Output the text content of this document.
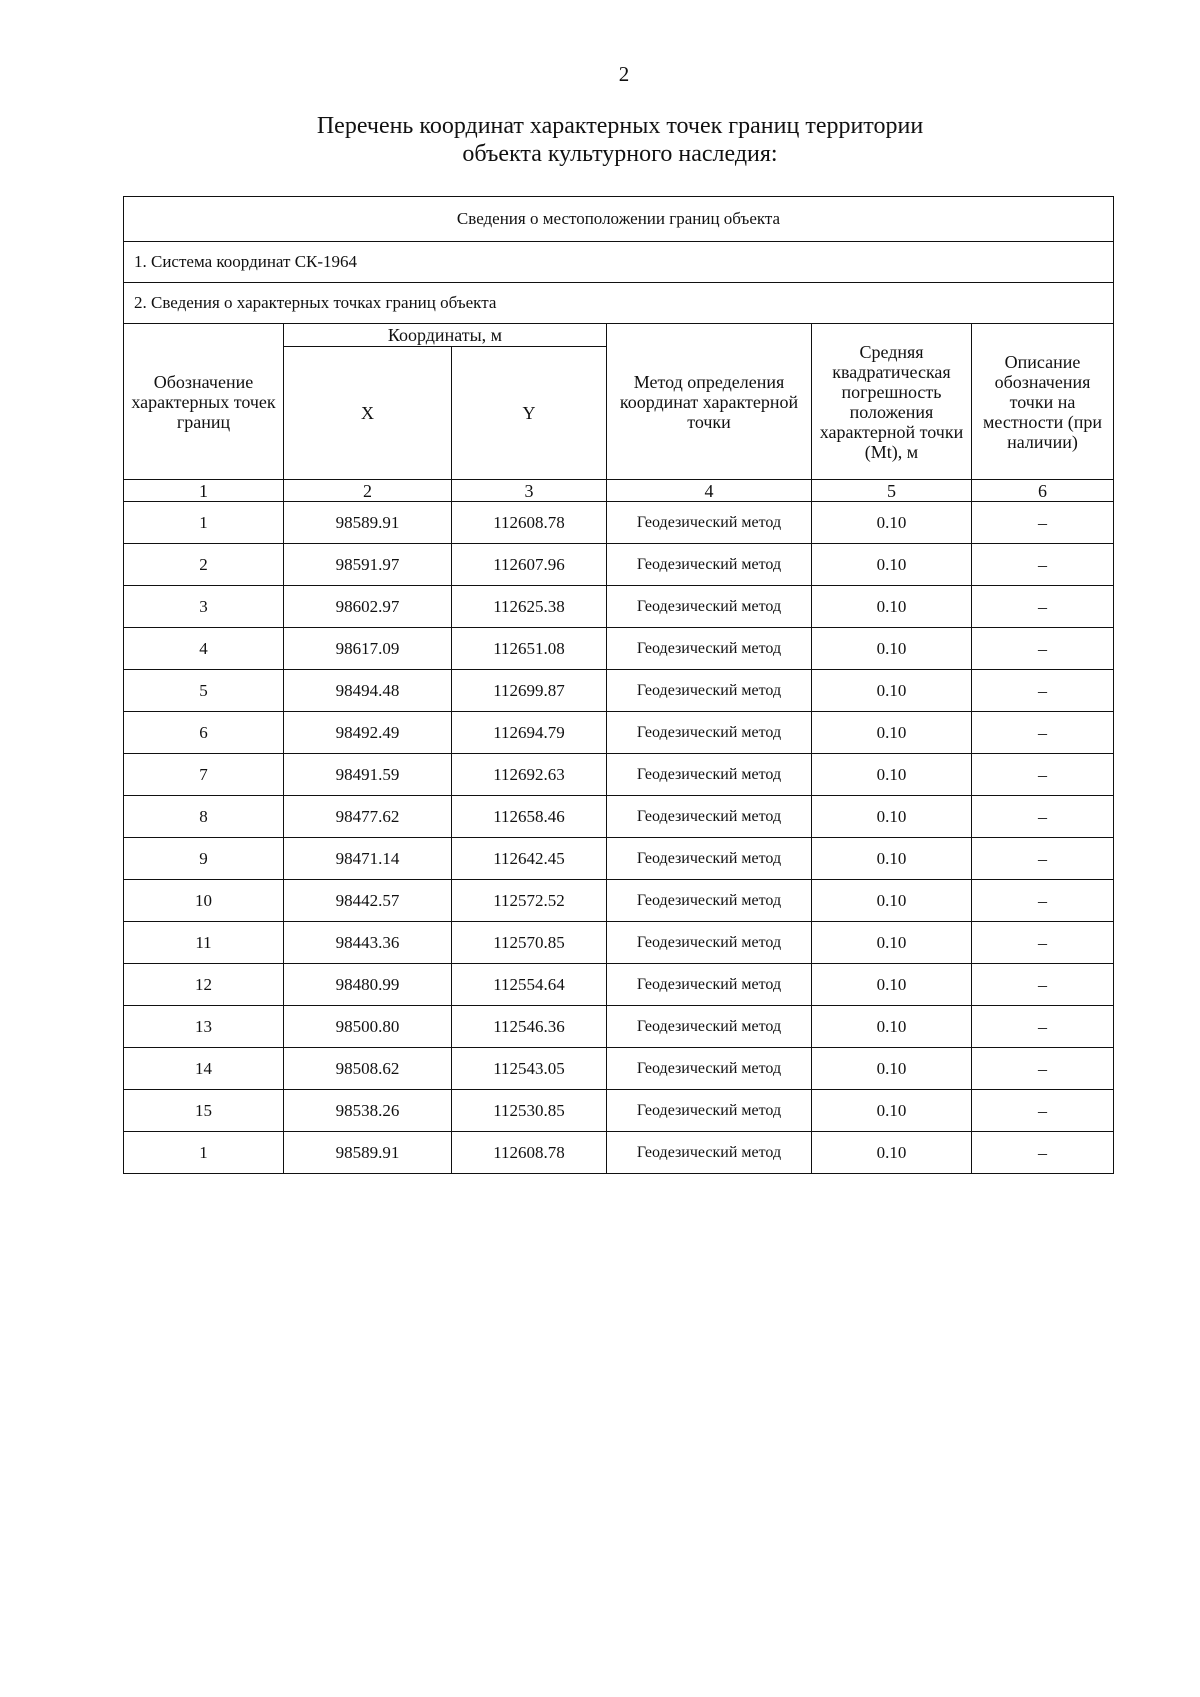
2
Перечень координат характерных точек границ территории
объекта культурного наследия:
Сведения о местоположении границ объекта					
1. Система координат СК-1964					
2. Сведения о характерных точках границ объекта					
Обозначение характерных точек границ	Координаты, м		Метод определения координат характерной точки	Средняя квадратическая погрешность положения характерной точки (Mt), м	Описание обозначения точки на местности (при наличии)
	X	Y			
1	2	3	4	5	6
1	98589.91	112608.78	Геодезический метод	0.10	–
2	98591.97	112607.96	Геодезический метод	0.10	–
3	98602.97	112625.38	Геодезический метод	0.10	–
4	98617.09	112651.08	Геодезический метод	0.10	–
5	98494.48	112699.87	Геодезический метод	0.10	–
6	98492.49	112694.79	Геодезический метод	0.10	–
7	98491.59	112692.63	Геодезический метод	0.10	–
8	98477.62	112658.46	Геодезический метод	0.10	–
9	98471.14	112642.45	Геодезический метод	0.10	–
10	98442.57	112572.52	Геодезический метод	0.10	–
11	98443.36	112570.85	Геодезический метод	0.10	–
12	98480.99	112554.64	Геодезический метод	0.10	–
13	98500.80	112546.36	Геодезический метод	0.10	–
14	98508.62	112543.05	Геодезический метод	0.10	–
15	98538.26	112530.85	Геодезический метод	0.10	–
1	98589.91	112608.78	Геодезический метод	0.10	–
